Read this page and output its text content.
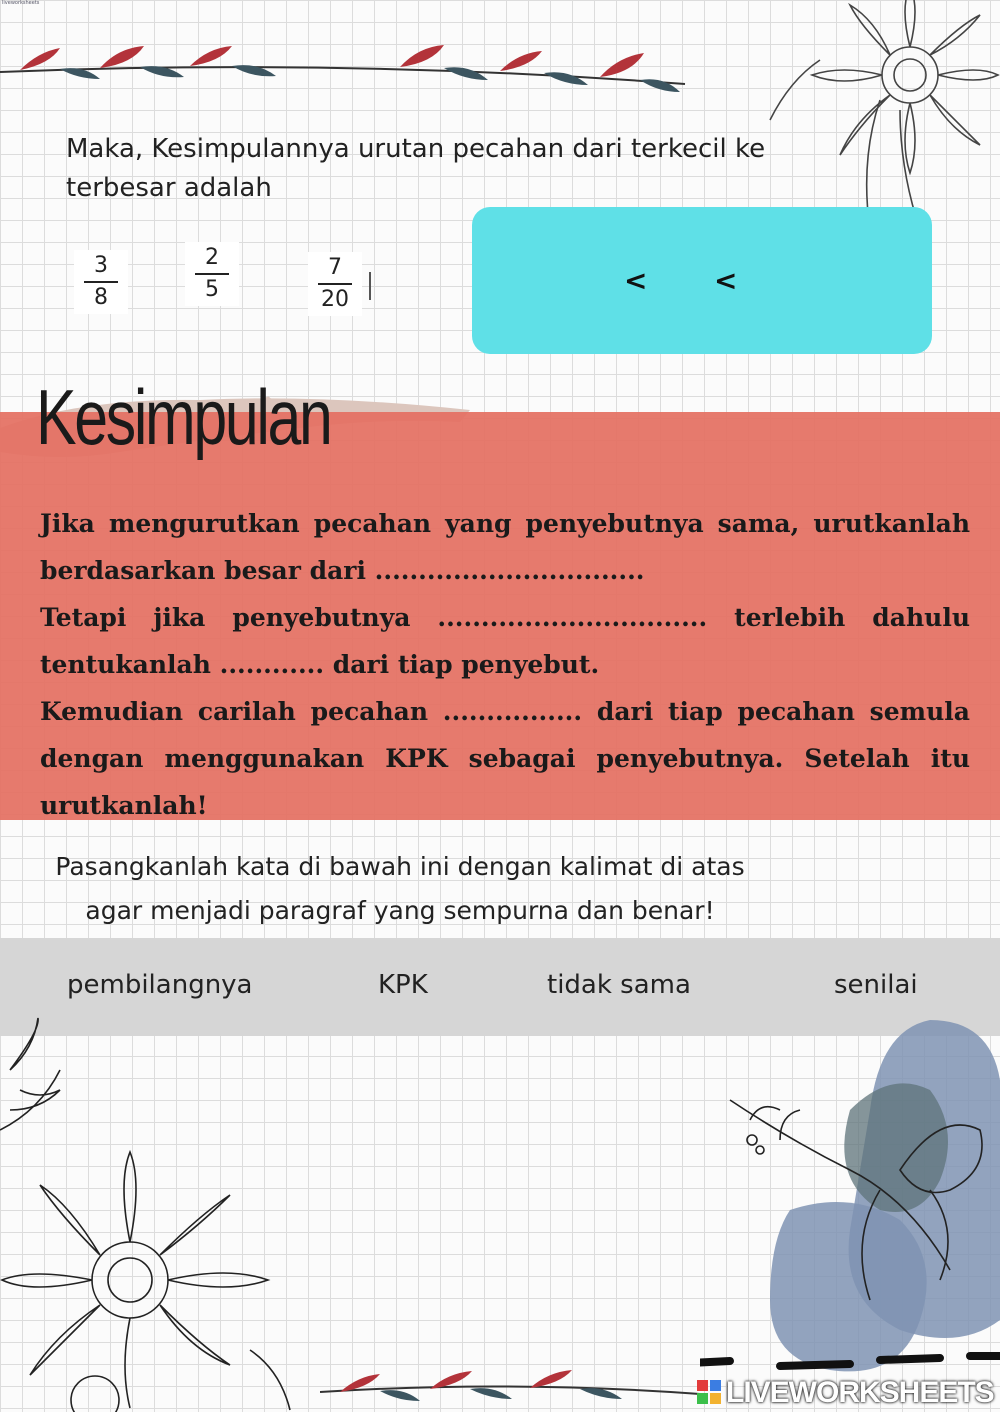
liveworksheets
Maka, Kesimpulannya urutan pecahan dari terkecil ke terbesar adalah
3
8
2
5
7
20
< <
Kesimpulan

Jika mengurutkan pecahan yang penyebutnya sama, urutkanlah berdasarkan besar dari ...............................

Tetapi jika penyebutnya ............................... terlebih dahulu tentukanlah ............ dari tiap penyebut.

Kemudian carilah pecahan ................ dari tiap pecahan semula dengan menggunakan KPK sebagai penyebutnya. Setelah itu urutkanlah!

Pasangkanlah kata di bawah ini dengan kalimat di atas
agar menjadi paragraf yang sempurna dan benar!
pembilangnya	KPK	tidak sama	senilai
LIVEWORKSHEETS
